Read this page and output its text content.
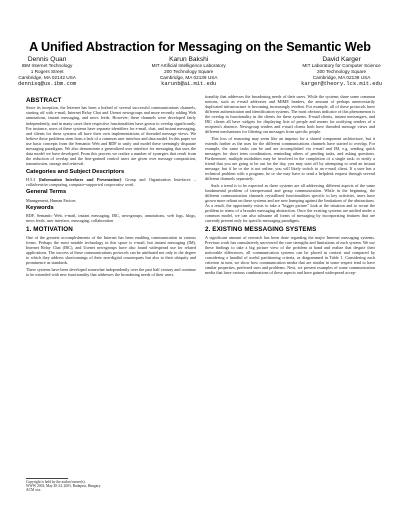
A Unified Abstraction for Messaging on the Semantic Web
Dennis Quan
IBM Internet Technology
1 Rogers Street
Cambridge, MA 02142 USA
dennisq@us.ibm.com
Karun Bakshi
MIT Artificial Intelligence Laboratory
200 Technology Square
Cambridge, MA 02139 USA
karunb@ai.mit.edu
David Karger
MIT Laboratory for Computer Science
200 Technology Square
Cambridge, MA 02139 USA
karger@theory.lcs.mit.edu
ABSTRACT
Since its inception, the Internet has been a hotbed of several successful communications channels, starting off with e-mail, Internet Relay Chat and Usenet newsgroups and more recently adding Web annotations, instant messaging, and news feeds. However, these channels were developed fairly independently, and in many cases their respective functionalities have grown to overlap significantly. For instance, users of these systems have separate identifiers for e-mail, chat, and instant messaging, and clients for these systems all have their own implementations of threaded message views. We believe these problems stem from a lack of a common user interface and data model. In this paper we use basic concepts from the Semantic Web and RDF to unify and model these seemingly disparate messaging paradigms. We also demonstrate a generalized user interface for messaging that uses the data model we have developed. From this process we realize a number of synergies that result from the reduction of overlap and the fine-grained control users are given over message composition, transmission, storage and retrieval.
Categories and Subject Descriptors
H.5.3 [Information Interfaces and Presentation]: Group and Organization Interfaces – collaborative computing, computer-supported cooperative work.
General Terms
Management, Human Factors
Keywords
RDF, Semantic Web, e-mail, instant messaging, IRC, newsgroups, annotations, web logs, blogs, news feeds, user interface, messaging, collaboration
1. MOTIVATION
One of the greatest accomplishments of the Internet has been enabling communication in various forms. Perhaps the most notable technology in this space is e-mail, but instant messaging (IM), Internet Relay Chat (IRC), and Usenet newsgroups have also found widespread use for related applications. The success of these communications protocols can be attributed not only to the degree to which they address shortcomings of their non-digital counterparts but also to their ubiquity and prominence as standards.
These systems have been developed somewhat independently over the past half century and continue to be extended with new functionality that addresses the broadening needs of their users.
tionality that addresses the broadening needs of their users. While the systems share some common notions, such as e-mail addresses and MIME headers, the amount of perhaps unnecessarily duplicated infrastructure is becoming increasingly evident. For example, all of these protocols have different authentication and identification systems. The most obvious indicator of this phenomenon is the overlap in functionality in the clients for these systems. E-mail clients, instant messengers, and IRC clients all have widgets for displaying lists of people and means for notifying senders of a recipient's absence. Newsgroup readers and e-mail clients both have threaded message views and different mechanisms for filtering out messages from specific people.
This loss of reasoning may seem like an impetus for a shared component architecture, but it extends further as the uses for the different communications channels have started to overlap. For example, the same tasks can be and are accomplished via e-mail and IM, e.g. sending quick messages for short term coordination, reminding others of pending tasks, and asking questions. Furthermore, multiple modalities may be involved in the completion of a single task: to notify a friend that you are going to be out for the day, you may start off by attempting to send an instant message, but if he or she is not online, you will likely switch to an e-mail client. If a user has a technical problem with a program, he or she may have to send a helpdesk request through several different channels separately.
Such a trend is to be expected as these systems are all addressing different aspects of the same fundamental problem of interpersonal and group communication. While in the beginning, the different communication channels crystallized functionalities specific to key activities, users have grown more reliant on these systems and are now bumping against the limitations of the abstractions. As a result, the opportunity exists to take a "bigger picture" look at the situation and to recast the problem in terms of a broader messaging abstraction. Once the existing systems are unified under a common model, we can also subsume all forms of messaging by incorporating features that are currently present only for specific messaging paradigms.
2. EXISTING MESSAGING SYSTEMS
A significant amount of research has been done regarding the major Internet messaging systems. Previous work has cumulatively uncovered the core strengths and limitations of each system. We use these findings to take a big picture view of the problem at hand and realize that despite their noticeable differences, all communication systems can be placed in context and compared by considering a handful of useful partitioning criteria, as diagrammed in Table 1. Considering each criterion in turn, we show how communication media that are similar in some respect tend to have similar properties, preferred uses and problems. Next, we present examples of some communication media that have various combinations of these aspects and have gained widespread accep-
Copyright is held by the author/owner(s).
WWW 2003, May 20-24, 2003, Budapest, Hungary.
ACM xxx.
